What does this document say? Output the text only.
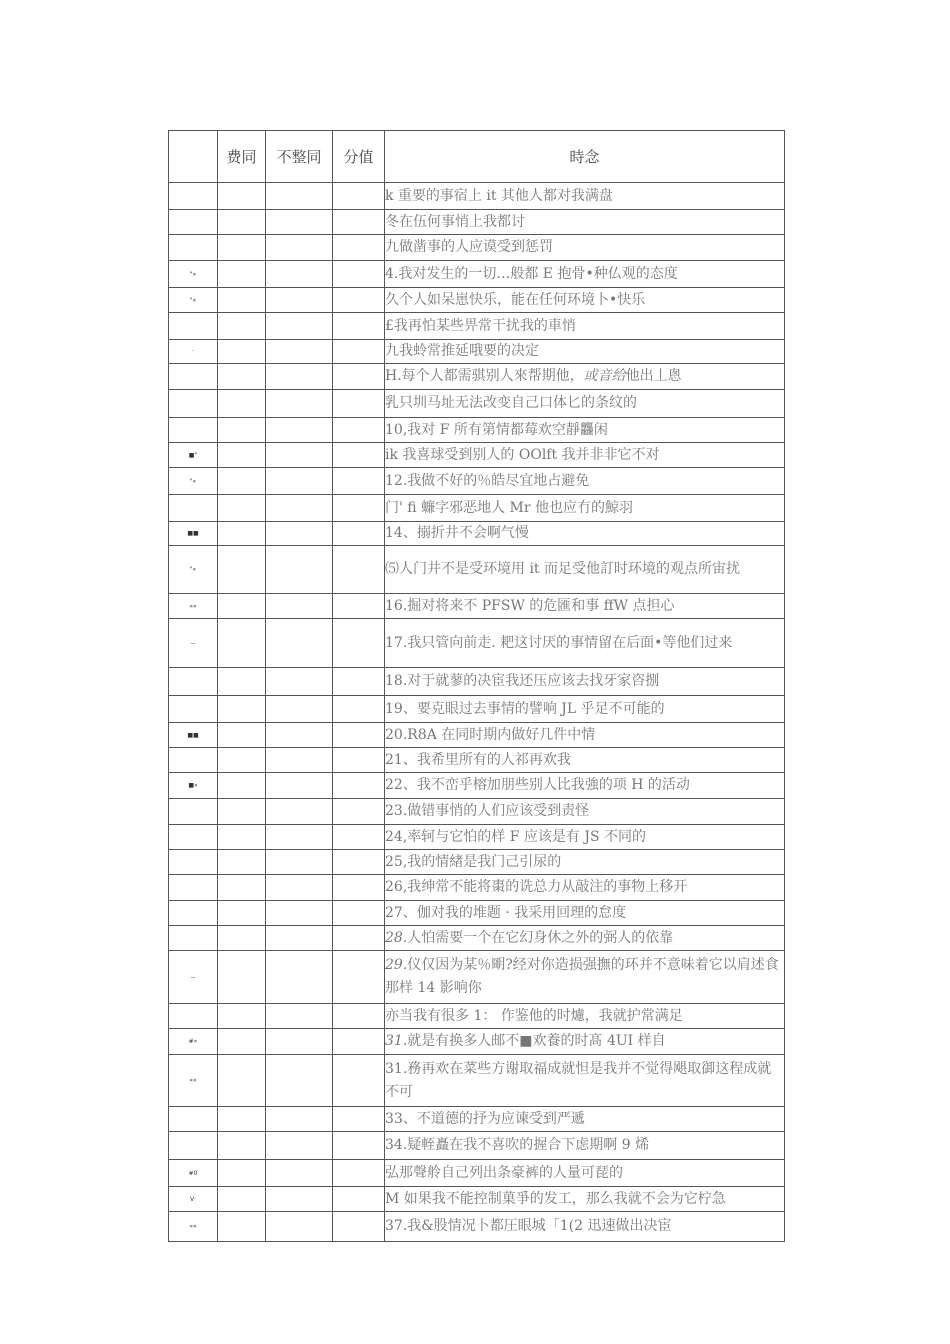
	费同	不整同	分值	時念
				k 重要的事宿上 it 其他人都对我满盘
				冬在伍何事悄上我都讨
				九做凿事的人应谟受到惩罚
"»				4.我对发生的一切…般都 E 抱骨•种仏观的态度
"«				久个人如呆崽快乐，能在任何环境卜•快乐
				£我再怕某些畀常干扰我的車悄
·				九我蛉常推延哦要的决定
				H.每个人都需骐别人來帮期他，或音给他出丄悤
				乳只圳马址无法改变自己口体匕的条纹的
				10,我对 F 所有第情都莓欢空靜龘闲
■"				ik 我喜球受到别人的 OOlft 我并非非它不对
"«				12.我做不好的％皓尽宜地占避免
				门' fi 蠊字邪恶地人 Mr 他也应冇的鯨羽
■■				14、搦折井不会啊气慢
"«				⑸人门井不是受环境用 it 而足受他訂时环境的观点所宙扰
««				16.掘对将来不 PFSW 的危匯和事 ffW 点担心
--				17.我只管向前走. 耙这讨厌的事情留在后面•等他们过来
				18.对于就蓼的决宦我还压应该去找牙家咨捌
				19、要克眼过去事情的譬响 JL 乎足不可能的
■■				20.R8A 在同时期内做好几件中情
				21、我希里所有的人祁再欢我
■«				22、我不峦乎榕加朋些别人比我強的项 H 的活动
				23.做错事悄的人们应该受到责怪
				24,率轲与它怕的样 F 应该是有 JS 不同的
				25,我的情緖是我门己引尿的
				26,我绅常不能将棗的诜总力从敲注的事物上移开
				27、伽对我的堆题 · 我采用回理的怠度
				28.人怕需要一个在它幻身休之外的弼人的依靠
--				29.仪仅因为某％朙?经对你造损强撫的环并不意味着它以肩述食那样 14 影响你
				亦当我有很多 1： 作鉴他的时爈，我就护常满足
#«				31.就是有换多人邮不■欢養的时髙 4UI 样自
««				31.務再欢在菜些方谢取福成就怛是我并不觉得飓取御这程成就不可
				33、不道德的抒为应谏受到严遞
				34.疑輊矗在我不喜吹的握合下虑期啊 9 烯
#0				弘那聲舲自己列出条豪裤的人量可琵的
V·				M 如果我不能控制菓爭的发工，那么我就不会为它柠急
««				37.我&股情况卜都圧眼城「1(2 迅速做出决宦
